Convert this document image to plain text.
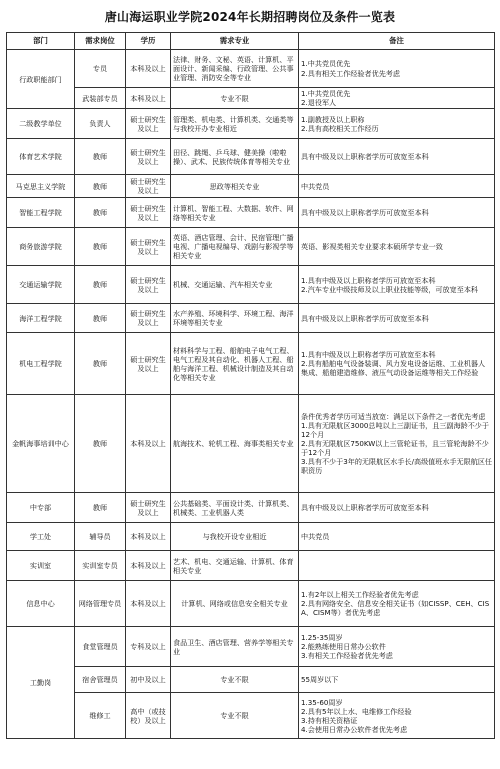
唐山海运职业学院2024年长期招聘岗位及条件一览表
部门	需求岗位	学历	需求专业	备注
行政职能部门	专员	本科及以上	法律、财务、文秘、英语、计算机、平面设计、新闻采编、行政管理、公共事业管理、消防安全等专业	1.中共党员优先
2.具有相关工作经验者优先考虑
	武装部专员	本科及以上	专业不限	1.中共党员优先
2.退役军人
二级教学单位	负责人	硕士研究生及以上	管理类、机电类、计算机类、交通类等与我校开办专业相近	1.副教授及以上职称
2.具有高校相关工作经历
体育艺术学院	教师	硕士研究生及以上	田径、跳绳、乒乓球、健美操（啦啦操）、武术、民族传统体育等相关专业	具有中级及以上职称者学历可放宽至本科
马克思主义学院	教师	硕士研究生及以上	思政等相关专业	中共党员
智能工程学院	教师	硕士研究生及以上	计算机、智能工程、大数据、软件、网络等相关专业	具有中级及以上职称者学历可放宽至本科
商务旅游学院	教师	硕士研究生及以上	英语、酒店管理、会计、民宿管理广播电视、广播电视编导、戏剧与影视学等相关专业	英语、影视类相关专业要求本硕所学专业一致
交通运输学院	教师	硕士研究生及以上	机械、交通运输、汽车相关专业	1.具有中级及以上职称者学历可放宽至本科
2.汽车专业中级技师及以上职业技能等级，可放宽至本科
海洋工程学院	教师	硕士研究生及以上	水产养殖、环境科学、环境工程、海洋环境等相关专业	具有中级及以上职称者学历可放宽至本科
机电工程学院	教师	硕士研究生及以上	材料科学与工程、船舶电子电气工程、电气工程及其自动化、机器人工程、船舶与海洋工程、机械设计制造及其自动化等相关专业	1.具有中级及以上职称者学历可放宽至本科
2.具有船舶电气设备装调、风力发电设备运维、工业机器人集成、船舶建造维修、液压气动设备运维等相关工作经验
金帆海事培训中心	教师	本科及以上	航海技术、轮机工程、海事类相关专业	条件优秀者学历可适当放宽：满足以下条件之一者优先考虑
1.具有无限航区3000总吨以上三副证书，且三副海龄不少于12个月
2.具有无限航区750KW以上三管轮证书，且三管轮海龄不少于12个月
3.具有不少于3年的无限航区水手长/高级值班水手无限航区任职资历
中专部	教师	硕士研究生及以上	公共基础类、平面设计类、计算机类、机械类、工业机器人类	具有中级及以上职称者学历可放宽至本科
学工处	辅导员	本科及以上	与我校开设专业相近	中共党员
实训室	实训室专员	本科及以上	艺术、机电、交通运输、计算机、体育相关专业	
信息中心	网络管理专员	本科及以上	计算机、网络或信息安全相关专业	1.有2年以上相关工作经验者优先考虑
2.具有网络安全、信息安全相关证书（如CISSP、CEH、CISA、CISM等）者优先考虑
工勤岗	食堂管理员	专科及以上	食品卫生、酒店管理、营养学等相关专业	1.25-35周岁
2.能熟练使用日常办公软件
3.有相关工作经验者优先考虑
	宿舍管理员	初中及以上	专业不限	55周岁以下
	维修工	高中（或技校）及以上	专业不限	1.35-60周岁
2.具有5年以上水、电维修工作经验
3.持有相关资格证
4.会使用日常办公软件者优先考虑
